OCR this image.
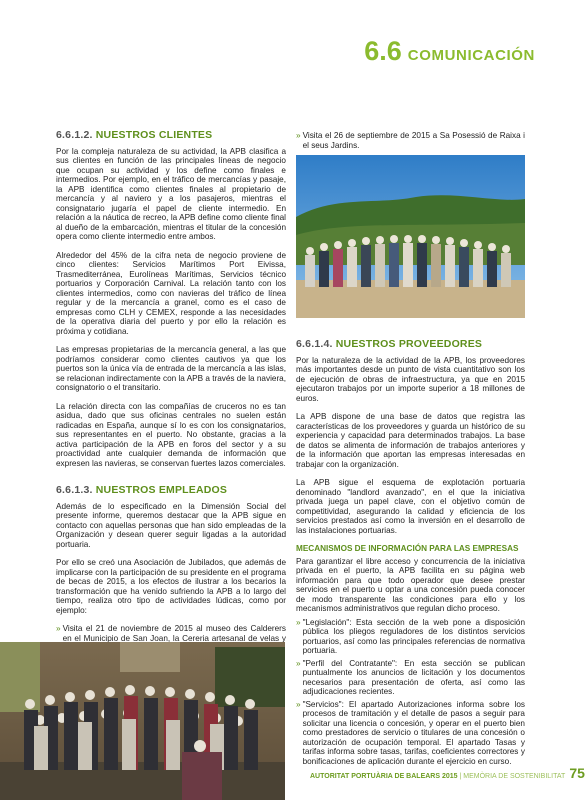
6.6 COMUNICACIÓN
6.6.1.2. NUESTROS CLIENTES

Por la compleja naturaleza de su actividad, la APB clasifica a sus clientes en función de las principales líneas de negocio que ocupan su actividad y los define como finales e intermedios. Por ejemplo, en el tráfico de mercancías y pasaje, la APB identifica como clientes finales al propietario de mercancía y al naviero y a los pasajeros, mientras el consignatario jugaría el papel de cliente intermedio. En relación a la náutica de recreo, la APB define como cliente final al dueño de la embarcación, mientras el titular de la concesión opera como cliente intermedio entre ambos.

Alrededor del 45% de la cifra neta de negocio proviene de cinco clientes: Servicios Marítimos Port Eivissa, Trasmediterránea, Eurolíneas Marítimas, Servicios técnico portuarios y Corporación Carnival. La relación tanto con los clientes intermedios, como con navieras del tráfico de línea regular y de la mercancía a granel, como es el caso de empresas como CLH y CEMEX, responde a las necesidades de la operativa diaria del puerto y por ello la relación es próxima y cotidiana.

Las empresas propietarias de la mercancía general, a las que podríamos considerar como clientes cautivos ya que los puertos son la única vía de entrada de la mercancía a las islas, se relacionan indirectamente con la APB a través de la naviera, consignatorio o el transitario.

La relación directa con las compañías de cruceros no es tan asidua, dado que sus oficinas centrales no suelen están radicadas en España, aunque sí lo es con los consignatarios, sus representantes en el puerto. No obstante, gracias a la activa participación de la APB en foros del sector y a su proactividad ante cualquier demanda de información que expresen las navieras, se conservan fuertes lazos comerciales.

6.6.1.3. NUESTROS EMPLEADOS

Además de lo especificado en la Dimensión Social del presente informe, queremos destacar que la APB sigue en contacto con aquellas personas que han sido empleadas de la Organización y desean querer seguir ligadas a la autoridad portuaria.

Por ello se creó una Asociación de Jubilados, que además de implicarse con la participación de su presidente en el programa de becas de 2015, a los efectos de ilustrar a los becarios la transformación que ha venido sufriendo la APB a lo largo del tiempo, realiza otro tipo de actividades lúdicas, como por ejemplo:

» Visita el 21 de noviembre de 2015 al museo des Calderers en el Municipio de San Joan, la Cereria artesanal de velas y
» Visita el 26 de septiembre de 2015 a Sa Posessió de Raixa i el seus Jardins.
6.6.1.4. NUESTROS PROVEEDORES

Por la naturaleza de la actividad de la APB, los proveedores más importantes desde un punto de vista cuantitativo son los de ejecución de obras de infraestructura, ya que en 2015 ejecutaron trabajos por un importe superior a 18 millones de euros.

La APB dispone de una base de datos que registra las características de los proveedores y guarda un histórico de su experiencia y capacidad para determinados trabajos. La base de datos se alimenta de información de trabajos anteriores y de la información que aportan las empresas interesadas en trabajar con la organización.

La APB sigue el esquema de explotación portuaria denominado "landlord avanzado", en el que la iniciativa privada juega un papel clave, con el objetivo común de competitividad, asegurando la calidad y eficiencia de los servicios prestados así como la inversión en el desarrollo de las instalaciones portuarias.

MECANISMOS DE INFORMACIÓN PARA LAS EMPRESAS

Para garantizar el libre acceso y concurrencia de la iniciativa privada en el puerto, la APB facilita en su página web información para que todo operador que desee prestar servicios en el puerto u optar a una concesión pueda conocer de modo transparente las condiciones para ello y los mecanismos administrativos que regulan dicho proceso.

» "Legislación": Esta sección de la web pone a disposición pública los pliegos reguladores de los distintos servicios portuarios, así como las principales referencias de normativa portuaria.
» "Perfil del Contratante": En esta sección se publican puntualmente los anuncios de licitación y los documentos necesarios para presentación de oferta, así como las adjudicaciones recientes.
» "Servicios": El apartado Autorizaciones informa sobre los procesos de tramitación y el detalle de pasos a seguir para solicitar una licencia o concesión, y operar en el puerto bien como prestadores de servicio o titulares de una concesión o autorización de ocupación temporal. El apartado Tasas y tarifas informa sobre tasas, tarifas, coeficientes correctores y bonificaciones de aplicación durante el ejercicio en curso.
AUTORITAT PORTUÀRIA DE BALEARS 2015 | MEMÒRIA DE SOSTENIBILITAT 75
